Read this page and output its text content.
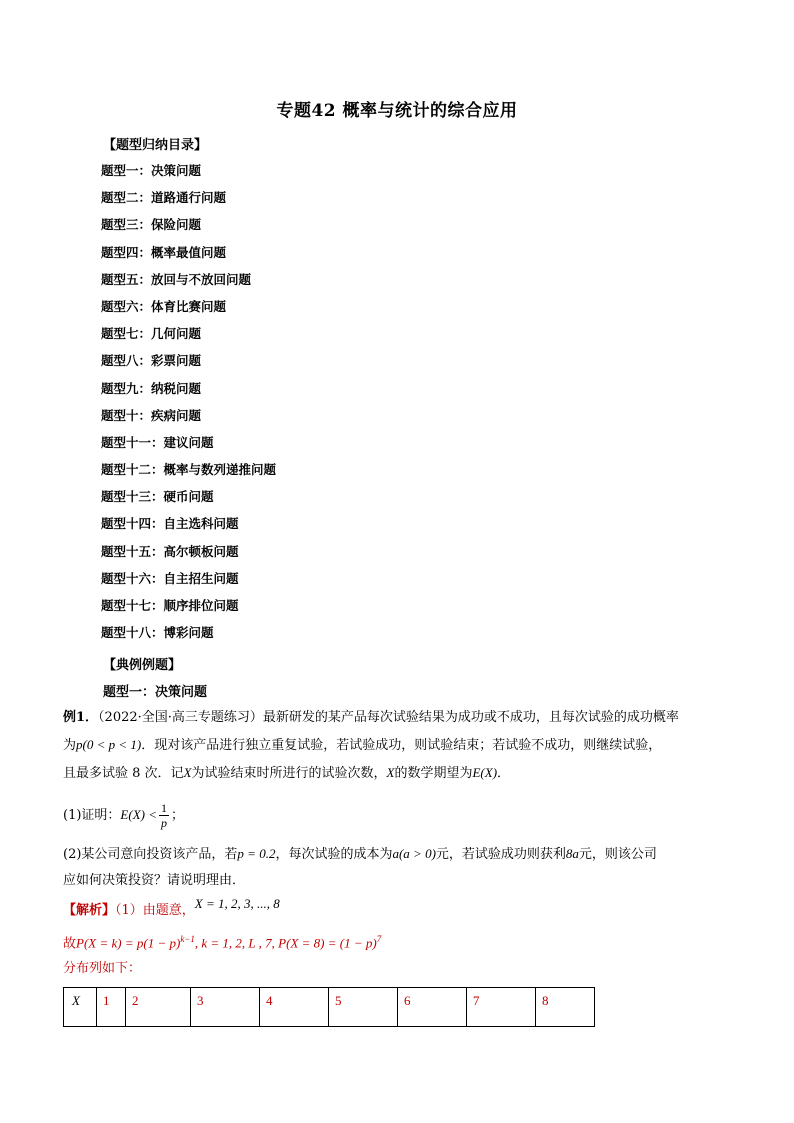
专题42 概率与统计的综合应用
【题型归纳目录】
题型一：决策问题
题型二：道路通行问题
题型三：保险问题
题型四：概率最值问题
题型五：放回与不放回问题
题型六：体育比赛问题
题型七：几何问题
题型八：彩票问题
题型九：纳税问题
题型十：疾病问题
题型十一：建议问题
题型十二：概率与数列递推问题
题型十三：硬币问题
题型十四：自主选科问题
题型十五：高尔顿板问题
题型十六：自主招生问题
题型十七：顺序排位问题
题型十八：博彩问题
【典例例题】
题型一：决策问题
例1．（2022·全国·高三专题练习）最新研发的某产品每次试验结果为成功或不成功，且每次试验的成功概率
为p(0 < p < 1)．现对该产品进行独立重复试验，若试验成功，则试验结束；若试验不成功，则继续试验，
且最多试验 8 次．记X为试验结束时所进行的试验次数，X的数学期望为E(X)．
(1)证明：$E(X) < \frac{1}{p}$ ；
(2)某公司意向投资该产品，若p = 0.2，每次试验的成本为a(a > 0)元，若试验成功则获利8a元，则该公司
应如何决策投资？请说明理由．
【解析】（1）由题意，X = 1, 2, 3, ..., 8
故$P(X = k) = p(1 - p)^{k-1}$, k = 1, 2, L , 7, $P(X = 8) = (1 - p)^7$
分布列如下：
X	1	2	3	4	5	6	7	8
